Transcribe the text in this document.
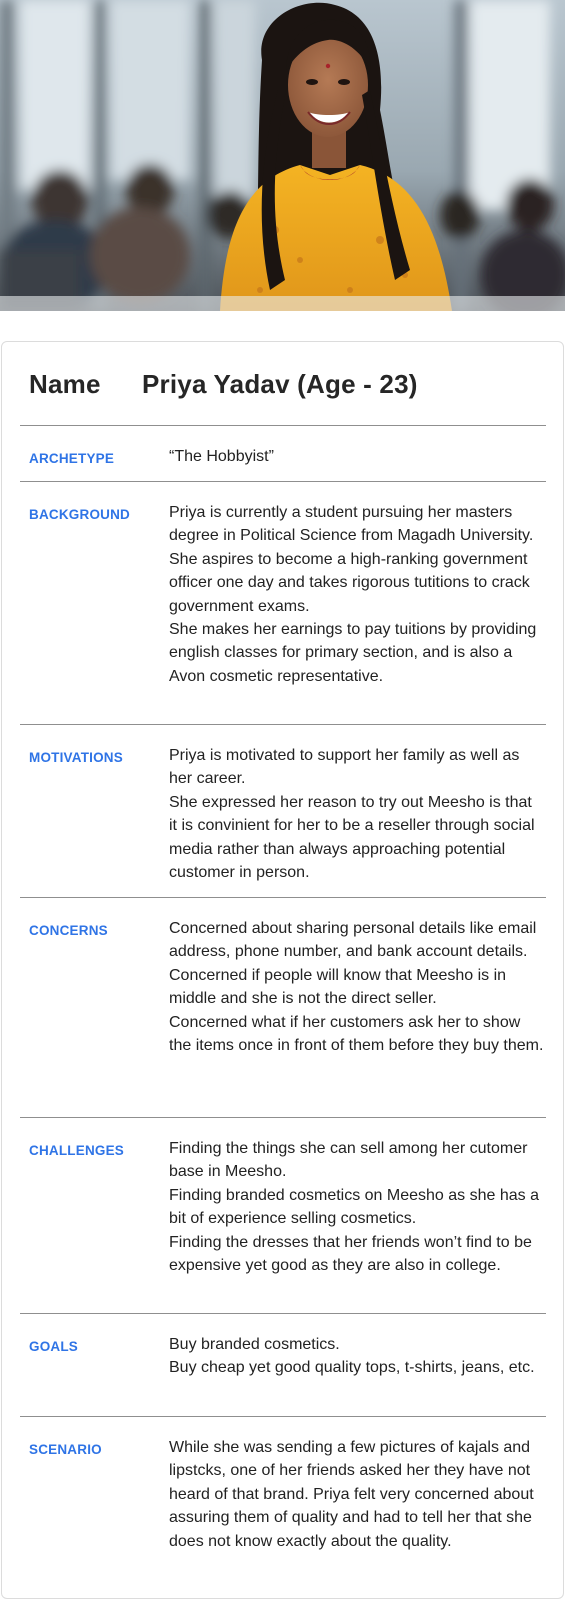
Name Priya Yadav (Age - 23)
ARCHETYPE	“The Hobbyist”

BACKGROUND Priya is currently a student pursuing her masters degree in Political Science from Magadh University.

She aspires to become a high-ranking government officer one day and takes rigorous tutitions to crack government exams.

She makes her earnings to pay tuitions by providing english classes for primary section, and is also a Avon cosmetic representative.

MOTIVATIONS	Priya is motivated to support her family as well as her career.

She expressed her reason to try out Meesho is that it is convinient for her to be a reseller through social media rather than always approaching potential customer in person.

CONCERNS	Concerned about sharing personal details like email address, phone number, and bank account details.

Concerned if people will know that Meesho is in middle and she is not the direct seller.

Concerned what if her customers ask her to show the items once in front of them before they buy them.

CHALLENGES	Finding the things she can sell among her cutomer base in Meesho.

Finding branded cosmetics on Meesho as she has a bit of experience selling cosmetics.

Finding the dresses that her friends won’t find to be expensive yet good as they are also in college.

GOALS	Buy branded cosmetics.

Buy cheap yet good quality tops, t-shirts, jeans, etc.

SCENARIO	While she was sending a few pictures of kajals and lipstcks, one of her friends asked her they have not heard of that brand. Priya felt very concerned about assuring them of quality and had to tell her that she does not know exactly about the quality.
